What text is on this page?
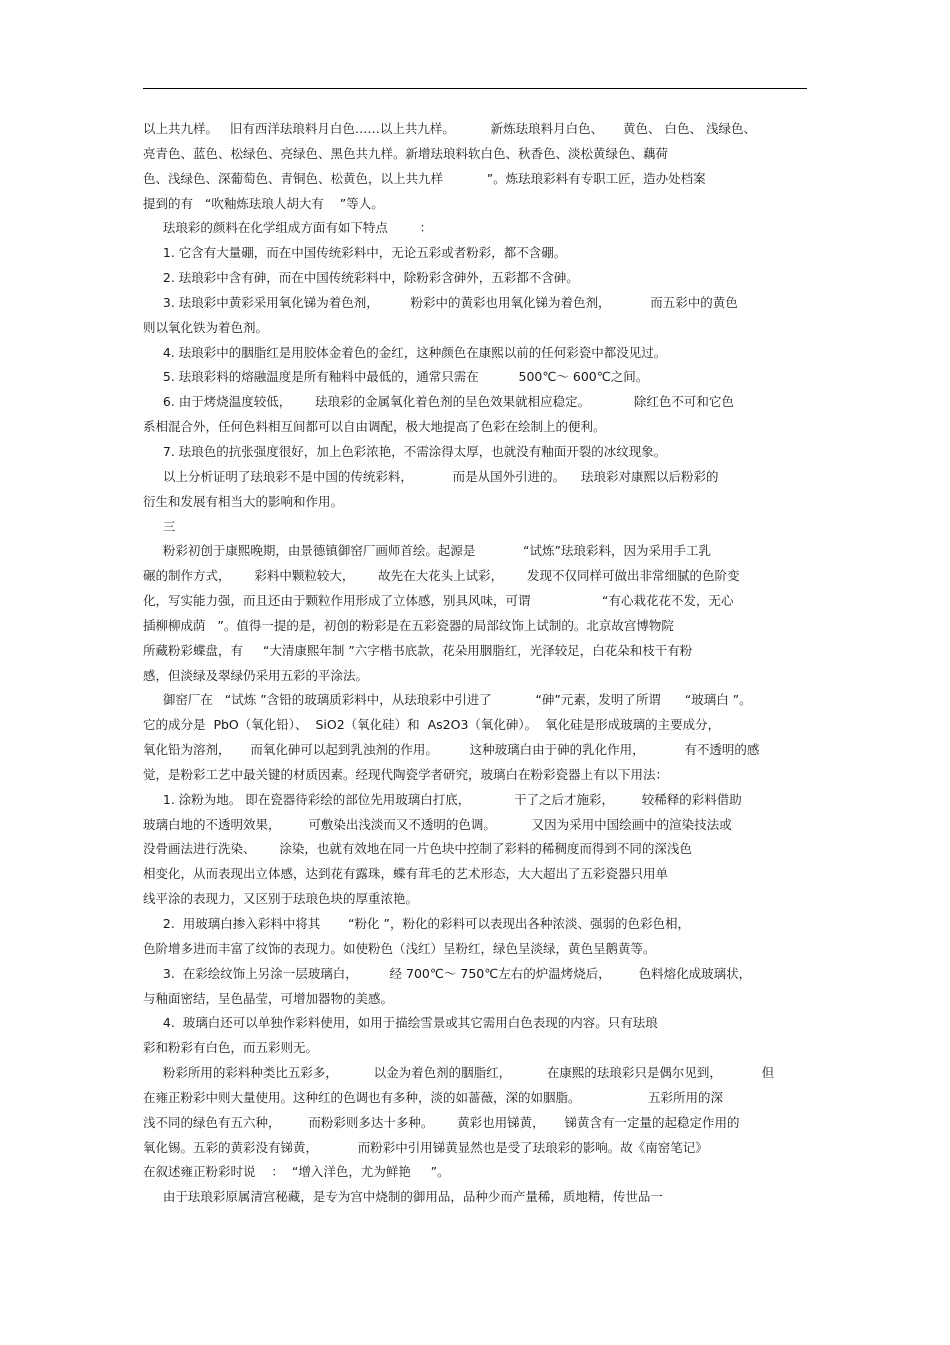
以上共九样。   旧有西洋珐琅料月白色……以上共九样。         新炼珐琅料月白色、     黄色、 白色、 浅绿色、
亮青色、蓝色、松绿色、亮绿色、黑色共九样。新增珐琅料软白色、秋香色、淡松黄绿色、藕荷
色、浅绿色、深葡萄色、青铜色、松黄色，以上共九样           ”。炼珐琅彩料有专职工匠，造办处档案
提到的有   “吹釉炼珐琅人胡大有    ”等人。
珐琅彩的颜料在化学组成方面有如下特点        ：
1. 它含有大量硼，而在中国传统彩料中，无论五彩或者粉彩，都不含硼。
2. 珐琅彩中含有砷，而在中国传统彩料中，除粉彩含砷外，五彩都不含砷。
3. 珐琅彩中黄彩采用氧化锑为着色剂，        粉彩中的黄彩也用氧化锑为着色剂，          而五彩中的黄色
则以氧化铁为着色剂。
4. 珐琅彩中的胭脂红是用胶体金着色的金红，这种颜色在康熙以前的任何彩瓷中都没见过。
5. 珐琅彩料的熔融温度是所有釉料中最低的，通常只需在          500℃～ 600℃之间。
6. 由于烤烧温度较低，      珐琅彩的金属氧化着色剂的呈色效果就相应稳定。           除红色不可和它色
系相混合外，任何色料相互间都可以自由调配，极大地提高了色彩在绘制上的便利。
7. 珐琅色的抗张强度很好，加上色彩浓艳，不需涂得太厚，也就没有釉面开裂的冰纹现象。
以上分析证明了珐琅彩不是中国的传统彩料，          而是从国外引进的。    珐琅彩对康熙以后粉彩的
衍生和发展有相当大的影响和作用。
三
粉彩初创于康熙晚期，由景德镇御窑厂画师首绘。起源是            “试炼”珐琅彩料，因为采用手工乳
碾的制作方式，      彩料中颗粒较大，      故先在大花头上试彩，      发现不仅同样可做出非常细腻的色阶变
化，写实能力强，而且还由于颗粒作用形成了立体感，别具风味，可谓                  “有心栽花花不发，无心
插柳柳成荫   ”。值得一提的是，初创的粉彩是在五彩瓷器的局部纹饰上试制的。北京故宫博物院
所藏粉彩蝶盘，有     “大清康熙年制 ”六字楷书底款，花朵用胭脂红，光泽较足，白花朵和枝干有粉
感，但淡绿及翠绿仍采用五彩的平涂法。
御窑厂在   “试炼 ”含铅的玻璃质彩料中，从珐琅彩中引进了           “砷”元素，发明了所谓      “玻璃白 ”。
它的成分是  PbO（氧化铅）、  SiO2（氧化硅）和  As2O3（氧化砷）。  氧化硅是形成玻璃的主要成分，
氧化铅为溶剂，     而氧化砷可以起到乳浊剂的作用。        这种玻璃白由于砷的乳化作用，          有不透明的感
觉，是粉彩工艺中最关键的材质因素。经现代陶瓷学者研究，玻璃白在粉彩瓷器上有以下用法：
1. 涂粉为地。 即在瓷器待彩绘的部位先用玻璃白打底，           干了之后才施彩，       较稀释的彩料借助
玻璃白地的不透明效果，       可敷染出浅淡而又不透明的色调。         又因为采用中国绘画中的渲染技法或
没骨画法进行洗染、      涂染，也就有效地在同一片色块中控制了彩料的稀稠度而得到不同的深浅色
相变化，从而表现出立体感，达到花有露珠，蝶有茸毛的艺术形态，大大超出了五彩瓷器只用单
线平涂的表现力，又区别于珐琅色块的厚重浓艳。
2.  用玻璃白掺入彩料中将其       “粉化 ”，粉化的彩料可以表现出各种浓淡、强弱的色彩色相，
色阶增多进而丰富了纹饰的表现力。如使粉色（浅红）呈粉红，绿色呈淡绿，黄色呈鹅黄等。
3.  在彩绘纹饰上另涂一层玻璃白，        经 700℃～ 750℃左右的炉温烤烧后，       色料熔化成玻璃状，
与釉面密结，呈色晶莹，可增加器物的美感。
4.  玻璃白还可以单独作彩料使用，如用于描绘雪景或其它需用白色表现的内容。只有珐琅
彩和粉彩有白色，而五彩则无。
粉彩所用的彩料种类比五彩多，         以金为着色剂的胭脂红，         在康熙的珐琅彩只是偶尔见到，          但
在雍正粉彩中则大量使用。这种红的色调也有多种，淡的如蔷薇，深的如胭脂。                 五彩所用的深
浅不同的绿色有五六种，       而粉彩则多达十多种。      黄彩也用锑黄，     锑黄含有一定量的起稳定作用的
氧化锡。五彩的黄彩没有锑黄，          而粉彩中引用锑黄显然也是受了珐琅彩的影响。故《南窑笔记》
在叙述雍正粉彩时说    ：  “增入洋色，尤为鲜艳     ”。
由于珐琅彩原属清宫秘藏，是专为宫中烧制的御用品，品种少而产量稀，质地精，传世品一
